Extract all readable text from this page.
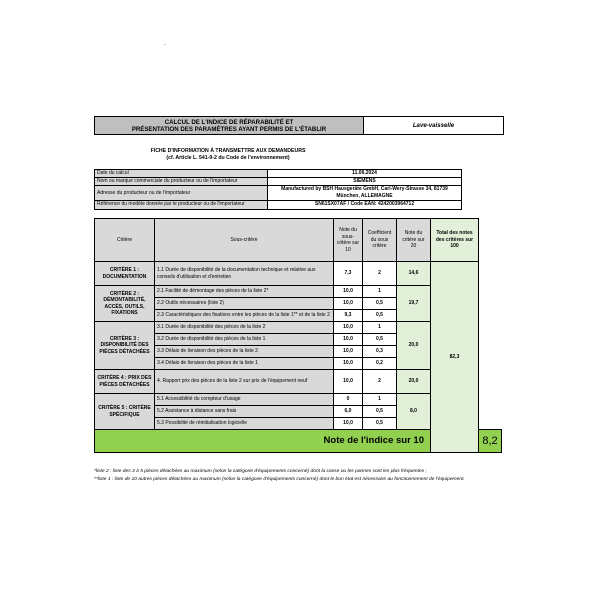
.
CALCUL DE L'INDICE DE RÉPARABILITÉ ET
PRÉSENTATION DES PARAMÈTRES AYANT PERMIS DE L'ÉTABLIR	Lave-vaisselle
FICHE D'INFORMATION À TRANSMETTRE AUX DEMANDEURS
(cf. Article L. 541-9-2 du Code de l'environnement)
Date du calcul	11.06.2024
Nom ou marque commerciale du producteur ou de l'importateur	SIEMENS
Adresse du producteur ou de l'importateur	Manufactured by BSH Hausgeräte GmbH, Carl-Wery-Strasse 34, 81739 München, ALLEMAGNE
Référence du modèle donnée par le producteur ou de l'importateur	SN61SX07AF / Code EAN: 4242003964712
Critère	Sous-critère	Note du sous-critère sur 10	Coefficient du sous critère	Note du critère sur 20	Total des notes des critères sur 100	
CRITÈRE 1 : DOCUMENTATION	1.1 Durée de disponibilité de la documentation technique et relative aux conseils d'utilisation et d'entretien	7,3	2	14,6	82,3	
CRITÈRE 2 : DÉMONTABILITÉ, ACCÈS, OUTILS, FIXATIONS	2.1 Facilité de démontage des pièces de la liste 2*	10,0	1	19,7		
	2.2 Outils nécessaires (liste 2)	10,0	0,5			
	2.3 Caractéristiques des fixations entre les pièces de la liste 1** et de la liste 2	9,3	0,5			
CRITÈRE 3 : DISPONIBILITÉ DES PIÈCES DÉTACHÉES	3.1 Durée de disponibilité des pièces de la liste 2	10,0	1	20,0		
	3.2 Durée de disponibilité des pièces de la liste 1	10,0	0,5			
	3.3 Délais de livraison des pièces de la liste 2	10,0	0,3			
	3.4 Délais de livraison des pièces de la liste 1	10,0	0,2			
CRITÈRE 4 : PRIX DES PIÈCES DÉTACHÉES	4. Rapport prix des pièces de la liste 2 sur prix de l'équipement neuf	10,0	2	20,0		
CRITÈRE 5 : CRITÈRE SPÉCIFIQUE	5.1 Accessibilité du compteur d'usage	0	1	8,0		
	5.2 Assistance à distance sans frais	6,0	0,5			
	5.3 Possibilité de réinitialisation logicielle	10,0	0,5			
Note de l'indice sur 10						8,2
*liste 2 : liste des 3 à 5 pièces détachées au maximum (selon la catégorie d'équipements concerné) dont la casse ou les pannes sont les plus fréquentes ;
**liste 1 : liste de 10 autres pièces détachées au maximum (selon la catégorie d'équipements concerné) dont le bon état est nécessaire au fonctionnement de l'équipement.
